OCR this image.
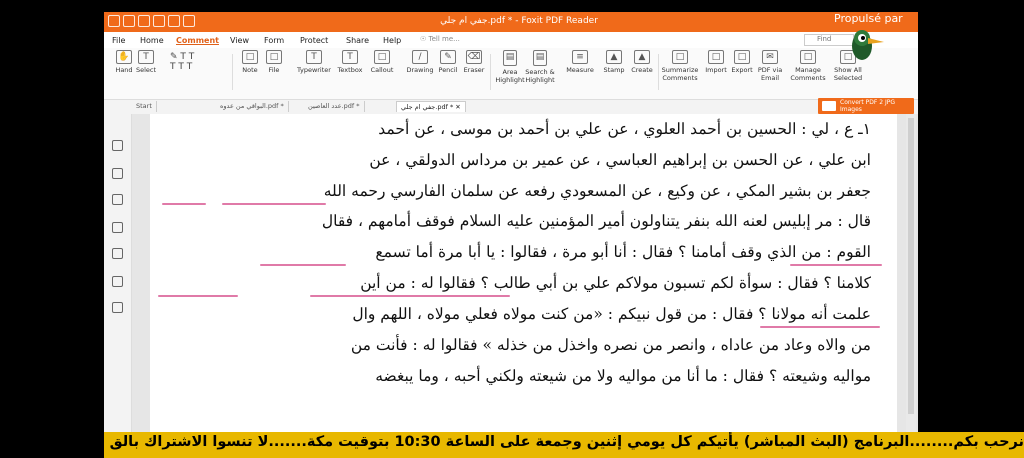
جفي ام جلي.pdf * - Foxit PDF Reader	Propulsé par
File Home Comment View Form Protect Share Help	☉ Tell me...	Find
✋
Hand
T
Select
✎ T T
T T T
□
Note
□
File
T
Typewriter
T
Textbox
□
Callout
/
Drawing
✎
Pencil
⌫
Eraser
▤
Area Highlight
▤
Search & Highlight
≡
Measure
▲
Stamp
▲
Create
□
Summarize Comments
□
Import
□
Export
✉
PDF via Email
□
Manage Comments
□
Show All Selected
Convert PDF 2 JPG Images
Start	البواقي من عدوه.pdf *	عدد العاصين.pdf *	جفي ام جلي.pdf * ✕
١ـ ع ، لي : الحسين بن أحمد العلوي ، عن علي بن أحمد بن موسى ، عن أحمد
ابن علي ، عن الحسن بن إبراهيم العباسي ، عن عمير بن مرداس الدولقي ، عن
جعفر بن بشير المكي ، عن وكيع ، عن المسعودي رفعه عن سلمان الفارسي رحمه الله
قال : مر إبليس لعنه الله بنفر يتناولون أمير المؤمنين عليه السلام فوقف أمامهم ، فقال
القوم : من الذي وقف أمامنا ؟ فقال : أنا أبو مرة ، فقالوا : يا أبا مرة أما تسمع
كلامنا ؟ فقال : سوأة لكم تسبون مولاكم علي بن أبي طالب ؟ فقالوا له : من أين
علمت أنه مولانا ؟ فقال : من قول نبيكم : «من كنت مولاه فعلي مولاه ، اللهم وال
من والاه وعاد من عاداه ، وانصر من نصره واخذل من خذله » فقالوا له : فأنت من
مواليه وشيعته ؟ فقال : ما أنا من مواليه ولا من شيعته ولكني أحبه ، وما يبغضه
نرحب بكم........البرنامج (البث المباشر) يأتيكم كل يومي إثنين وجمعة على الساعة 10:30 بتوقيت مكة.......لا تنسوا الاشتراك بالق
